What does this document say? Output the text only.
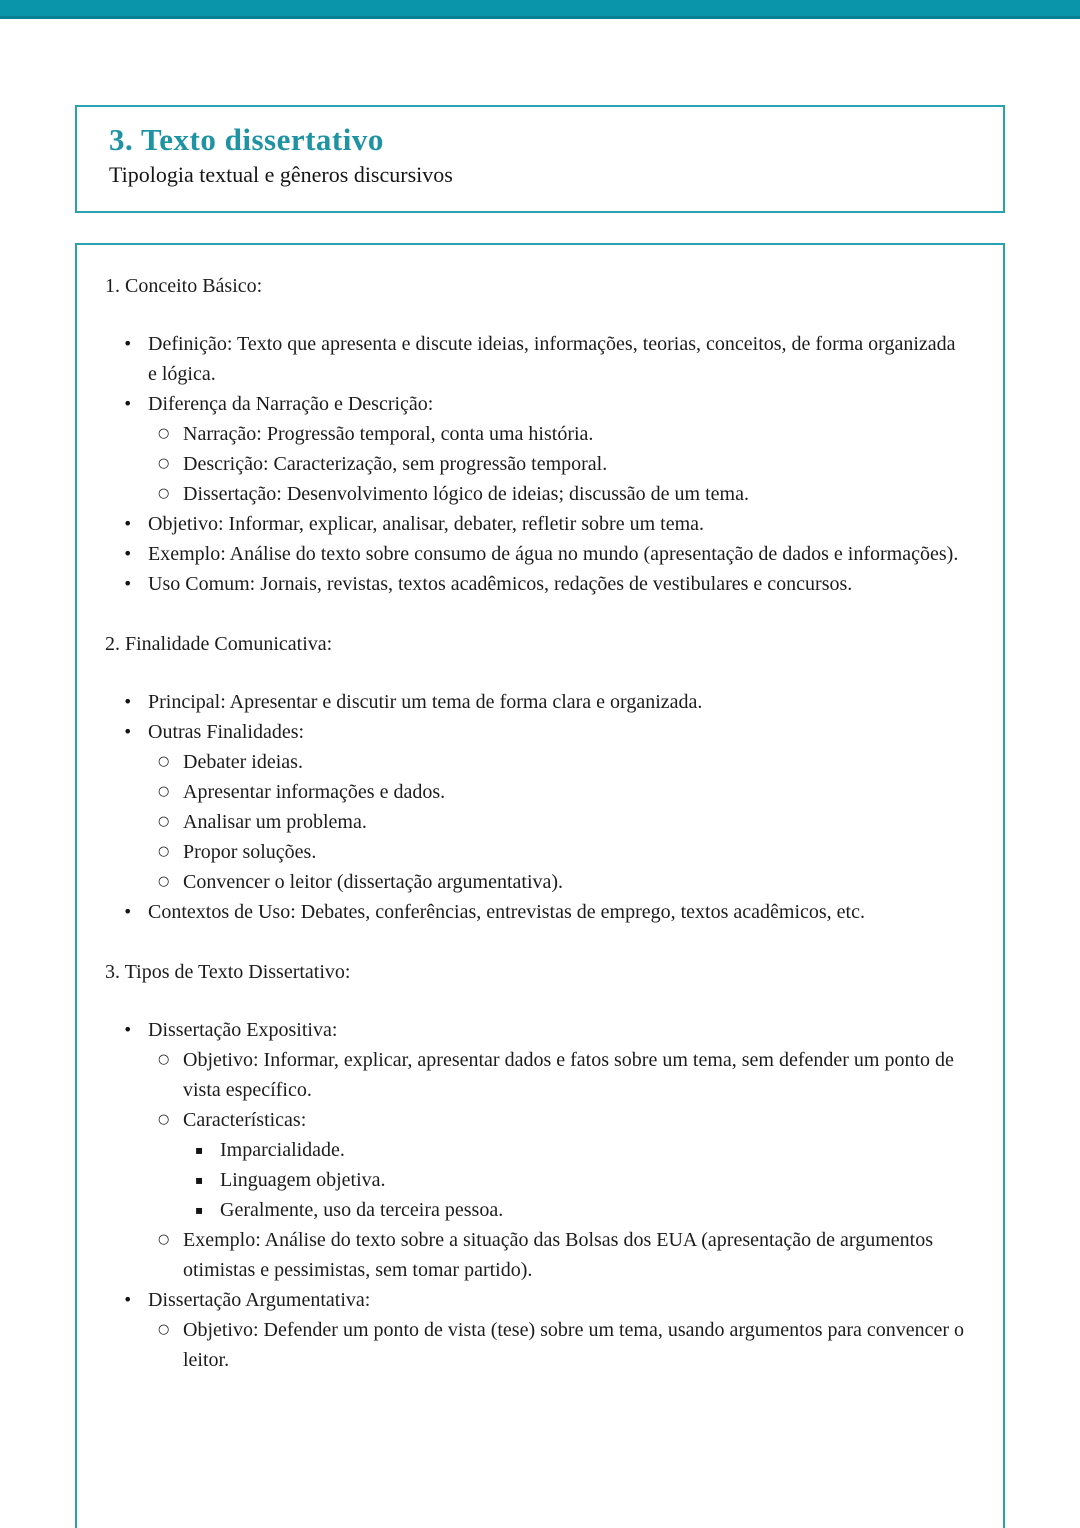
3. Texto dissertativo
Tipologia textual e gêneros discursivos
1. Conceito Básico:
• Definição: Texto que apresenta e discute ideias, informações, teorias, conceitos, de forma organizada e lógica.
• Diferença da Narração e Descrição:
○ Narração: Progressão temporal, conta uma história.
○ Descrição: Caracterização, sem progressão temporal.
○ Dissertação: Desenvolvimento lógico de ideias; discussão de um tema.
• Objetivo: Informar, explicar, analisar, debater, refletir sobre um tema.
• Exemplo: Análise do texto sobre consumo de água no mundo (apresentação de dados e informações).
• Uso Comum: Jornais, revistas, textos acadêmicos, redações de vestibulares e concursos.
2. Finalidade Comunicativa:
• Principal: Apresentar e discutir um tema de forma clara e organizada.
• Outras Finalidades:
○ Debater ideias.
○ Apresentar informações e dados.
○ Analisar um problema.
○ Propor soluções.
○ Convencer o leitor (dissertação argumentativa).
• Contextos de Uso: Debates, conferências, entrevistas de emprego, textos acadêmicos, etc.
3. Tipos de Texto Dissertativo:
• Dissertação Expositiva:
○ Objetivo: Informar, explicar, apresentar dados e fatos sobre um tema, sem defender um ponto de vista específico.
○ Características:
▪ Imparcialidade.
▪ Linguagem objetiva.
▪ Geralmente, uso da terceira pessoa.
○ Exemplo: Análise do texto sobre a situação das Bolsas dos EUA (apresentação de argumentos otimistas e pessimistas, sem tomar partido).
• Dissertação Argumentativa:
○ Objetivo: Defender um ponto de vista (tese) sobre um tema, usando argumentos para convencer o leitor.
